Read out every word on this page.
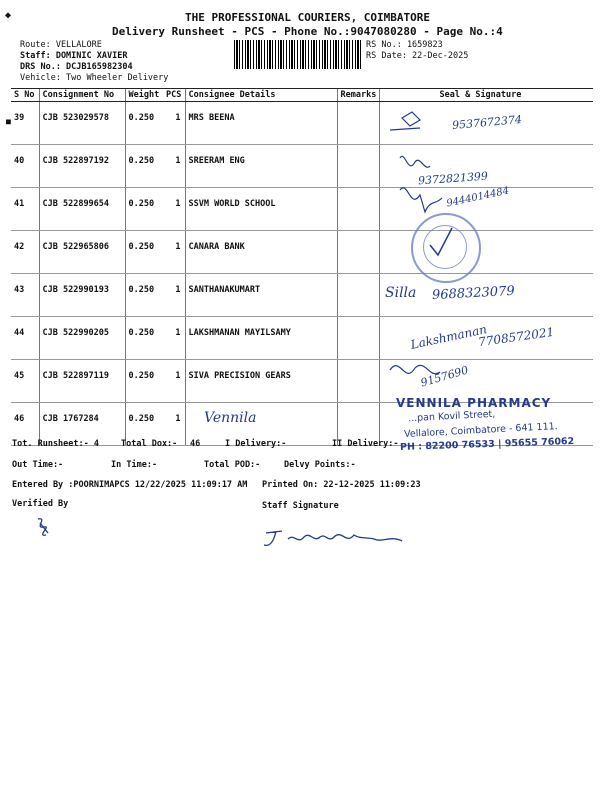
THE PROFESSIONAL COURIERS, COIMBATORE
Delivery Runsheet - PCS - Phone No.:9047080280 - Page No.:4
Route: VELLALORE
Staff: DOMINIC XAVIER
DRS No.: DCJB165982304
Vehicle: Two Wheeler Delivery
RS No.: 1659823
RS Date: 22-Dec-2025
◆
■
S No	Consignment No	Weight	PCS	Consignee Details	Remarks	Seal & Signature
39	CJB 523029578	0.250	1	MRS BEENA		
40	CJB 522897192	0.250	1	SREERAM ENG		
41	CJB 522899654	0.250	1	SSVM WORLD SCHOOL		
42	CJB 522965806	0.250	1	CANARA BANK		
43	CJB 522990193	0.250	1	SANTHANAKUMART		
44	CJB 522990205	0.250	1	LAKSHMANAN MAYILSAMY		
45	CJB 522897119	0.250	1	SIVA PRECISION GEARS		
46	CJB 1767284	0.250	1			
9537672374
9372821399
9444014484
Silla 9688323079
Lakshmanan
7708572021
9157690
Vennila
VENNILA PHARMACY
...pan Kovil Street,
Vellalore, Coimbatore - 641 111.
PH : 82200 76533 | 95655 76062
Tot. Runsheet:- 4	Total Dox:- 46	I Delivery:-	II Delivery:-
Out Time:-	In Time:-	Total POD:-	Delvy Points:-
Entered By :POORNIMAPCS 12/22/2025 11:09:17 AM Printed On: 22-12-2025 11:09:23
Verified By	Staff Signature
